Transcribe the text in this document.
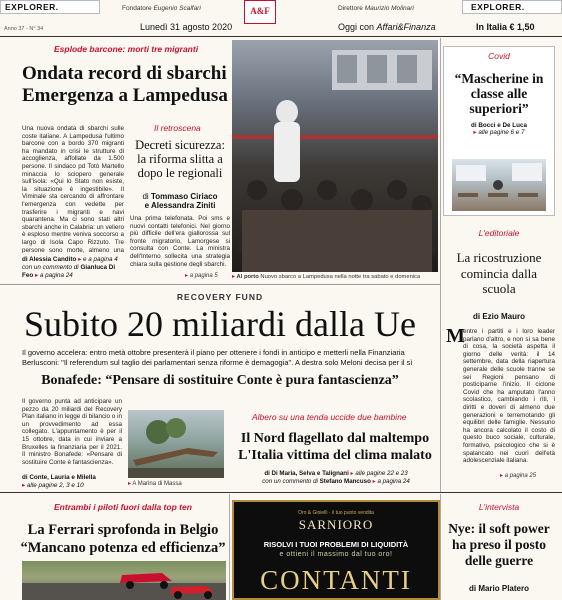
EXPLORER.	EXPLORER.
Fondatore Eugenio Scalfari	Direttore Maurizio Molinari
A&F
Anno 37 - N° 34	Lunedì 31 agosto 2020	Oggi con Affari&Finanza	In Italia € 1,50
Esplode barcone: morti tre migranti
Ondata record di sbarchi
Emergenza a Lampedusa
Una nuova ondata di sbarchi sulle coste italiane. A Lampedusa l'ultimo barcone con a bordo 370 migranti ha mandato in crisi le strutture di accoglienza, affollate da 1.500 persone. Il sindaco pd Totò Martello minaccia lo sciopero generale sull'isola: «Qui lo Stato non esiste, la situazione è ingestibile». Il Viminale sta cercando di affrontare l'emergenza con vedette per trasferire i migranti e navi quarantena. Ma ci sono stati altri sbarchi anche in Calabria: un veliero è esploso mentre veniva soccorso a largo di Isola Capo Rizzuto. Tre persone sono morte, almeno una
di Alessia Candito ▸ e a pagina 4
con un commento di Gianluca Di Feo ▸ a pagina 24
Il retroscena
Decreti sicurezza: la riforma slitta a dopo le regionali
di Tommaso Ciriaco
e Alessandra Ziniti
Una prima telefonata. Poi sms e nuovi contatti telefonici. Nel giorno più difficile dell'era giallorossa sul fronte migratorio, Lamorgese si consulta con Conte. La ministra dell'Interno sollecita una strategia chiara sulla gestione degli sbarchi.
▸ a pagina 5 ▸ Al porto Nuovo sbarco a Lampedusa nella notte tra sabato e domenica
Covid
“Mascherine in classe alle superiori”
di Bocci e De Luca
▸ alle pagine 6 e 7
L'editoriale
La ricostruzione comincia dalla scuola
di Ezio Mauro
M
entre i partiti e i loro leader parlano d'altro, e non si sa bene di cosa, la società aspetta il giorno delle verità: il 14 settembre, data della riapertura generale delle scuole tranne se sei Regioni pensano di posticiparne l'inizio. Il ciclone Covid che ha amputato l'anno scolastico, cambiando i riti, i diritti e doveri di almeno due generazioni e terremotando gli equilibri delle famiglie. Nessuno ha ancora calcolato il costo di questo buco sociale, culturale, formativo, psicologico che si è spalancato nei cuori dell'età adolescenziale italiana.
▸ a pagina 25
RECOVERY FUND
Subito 20 miliardi dalla Ue
Il governo accelera: entro metà ottobre presenterà il piano per ottenere i fondi in anticipo e metterli nella Finanziaria Berlusconi: "Il referendum sul taglio dei parlamentari senza riforme è demagogia". A destra solo Meloni decisa per il sì
Bonafede: “Pensare di sostituire Conte è pura fantascienza”
Il governo punta ad anticipare un pezzo da 20 miliardi del Recovery Plan italiano in legge di bilancio o in un provvedimento ad essa collegato. L'appuntamento è per il 15 ottobre, data in cui inviare a Bruxelles la finanziaria per il 2021. Il ministro Bonafede: «Pensare di sostituire Conte è fantascienza».
di Conte, Lauria e Milella
▸ alle pagine 2, 3 e 10	▸ A Marina di Massa
Albero su una tenda uccide due bambine
Il Nord flagellato dal maltempo
L'Italia vittima del clima malato
di Di Maria, Selva e Talignani ▸ alle pagine 22 e 23
con un commento di Stefano Mancuso ▸ a pagina 24
Entrambi i piloti fuori dalla top ten
La Ferrari sprofonda in Belgio
“Mancano potenza ed efficienza”
Oro & Gioielli · il tuo punto vendita
SARNIORO
RISOLVI I TUOI PROBLEMI DI LIQUIDITÀ
e ottieni il massimo dal tuo oro!
CONTANTI
L'intervista
Nye: il soft power ha preso il posto delle guerre
di Mario Platero
